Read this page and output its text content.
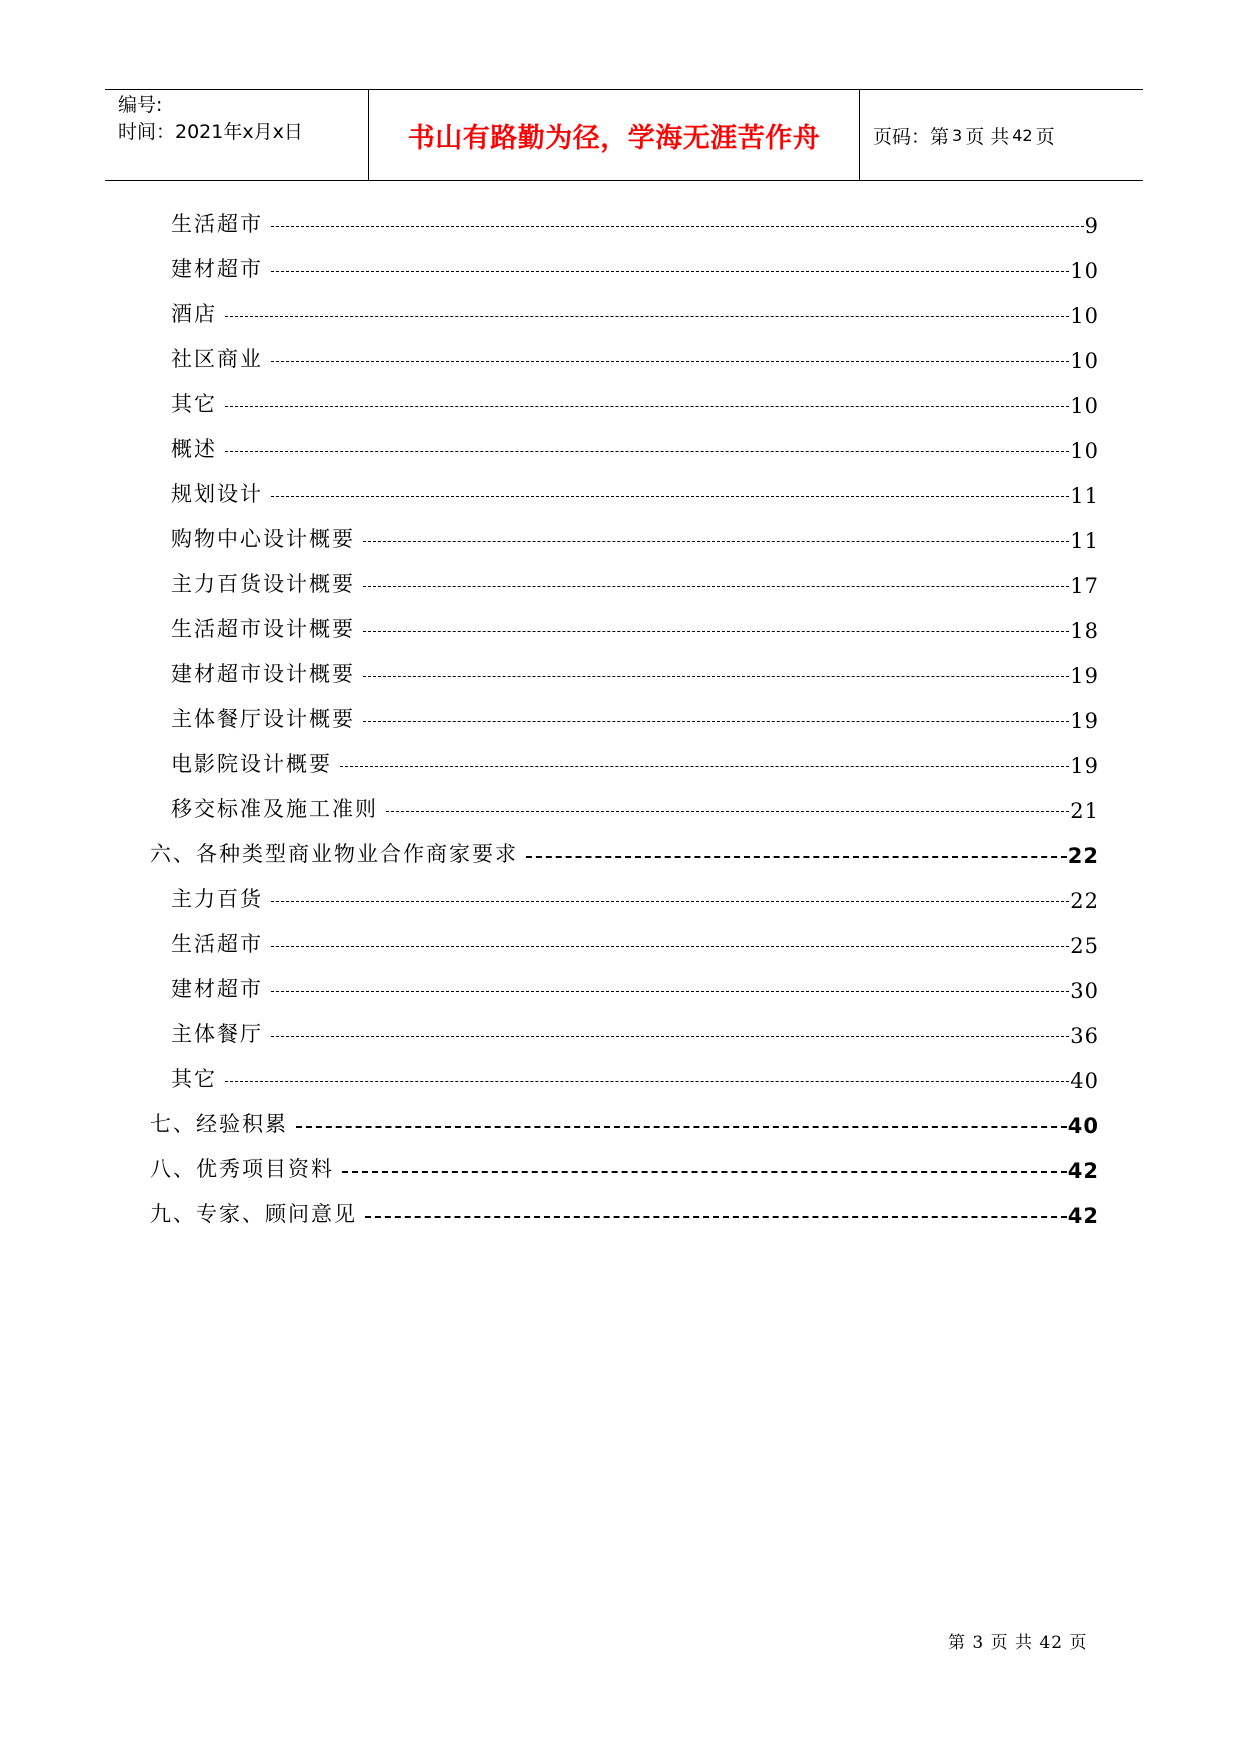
编号:
时间：2021年x月x日	书山有路勤为径，学海无涯苦作舟	页码：第 3 页 共 42 页
生活超市	9
建材超市	10
酒店	10
社区商业	10
其它	10
概述	10
规划设计	11
购物中心设计概要	11
主力百货设计概要	17
生活超市设计概要	18
建材超市设计概要	19
主体餐厅设计概要	19
电影院设计概要	19
移交标准及施工准则	21
六、各种类型商业物业合作商家要求	22
主力百货	22
生活超市	25
建材超市	30
主体餐厅	36
其它	40
七、经验积累	40
八、优秀项目资料	42
九、专家、顾问意见	42
第 3 页 共 42 页
